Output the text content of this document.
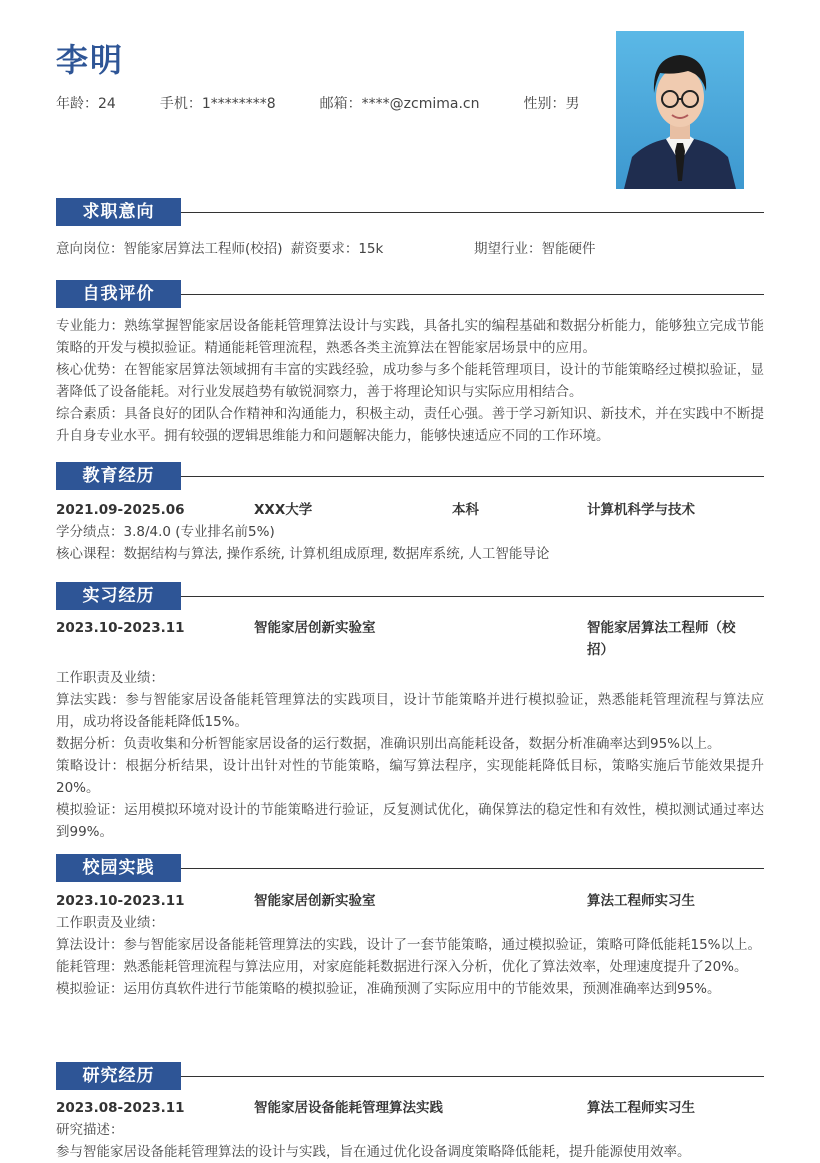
李明
年龄：24	手机：1********8	邮箱：****@zcmima.cn	性别：男
求职意向
意向岗位：智能家居算法工程师(校招) 薪资要求：15k	期望行业：智能硬件
自我评价
专业能力：熟练掌握智能家居设备能耗管理算法设计与实践，具备扎实的编程基础和数据分析能力，能够独立完成节能策略的开发与模拟验证。精通能耗管理流程，熟悉各类主流算法在智能家居场景中的应用。
核心优势：在智能家居算法领域拥有丰富的实践经验，成功参与多个能耗管理项目，设计的节能策略经过模拟验证，显著降低了设备能耗。对行业发展趋势有敏锐洞察力，善于将理论知识与实际应用相结合。
综合素质：具备良好的团队合作精神和沟通能力，积极主动，责任心强。善于学习新知识、新技术，并在实践中不断提升自身专业水平。拥有较强的逻辑思维能力和问题解决能力，能够快速适应不同的工作环境。
教育经历
2021.09-2025.06	XXX大学	本科	计算机科学与技术
学分绩点：3.8/4.0 (专业排名前5%)
核心课程：数据结构与算法, 操作系统, 计算机组成原理, 数据库系统, 人工智能导论
实习经历
2023.10-2023.11	智能家居创新实验室	智能家居算法工程师（校招）
工作职责及业绩：
算法实践：参与智能家居设备能耗管理算法的实践项目，设计节能策略并进行模拟验证，熟悉能耗管理流程与算法应用，成功将设备能耗降低15%。
数据分析：负责收集和分析智能家居设备的运行数据，准确识别出高能耗设备，数据分析准确率达到95%以上。
策略设计：根据分析结果，设计出针对性的节能策略，编写算法程序，实现能耗降低目标，策略实施后节能效果提升20%。
模拟验证：运用模拟环境对设计的节能策略进行验证，反复测试优化，确保算法的稳定性和有效性，模拟测试通过率达到99%。
校园实践
2023.10-2023.11	智能家居创新实验室	算法工程师实习生
工作职责及业绩：
算法设计：参与智能家居设备能耗管理算法的实践，设计了一套节能策略，通过模拟验证，策略可降低能耗15%以上。
能耗管理：熟悉能耗管理流程与算法应用，对家庭能耗数据进行深入分析，优化了算法效率，处理速度提升了20%。
模拟验证：运用仿真软件进行节能策略的模拟验证，准确预测了实际应用中的节能效果，预测准确率达到95%。
研究经历
2023.08-2023.11	智能家居设备能耗管理算法实践	算法工程师实习生
研究描述：
参与智能家居设备能耗管理算法的设计与实践，旨在通过优化设备调度策略降低能耗，提升能源使用效率。
